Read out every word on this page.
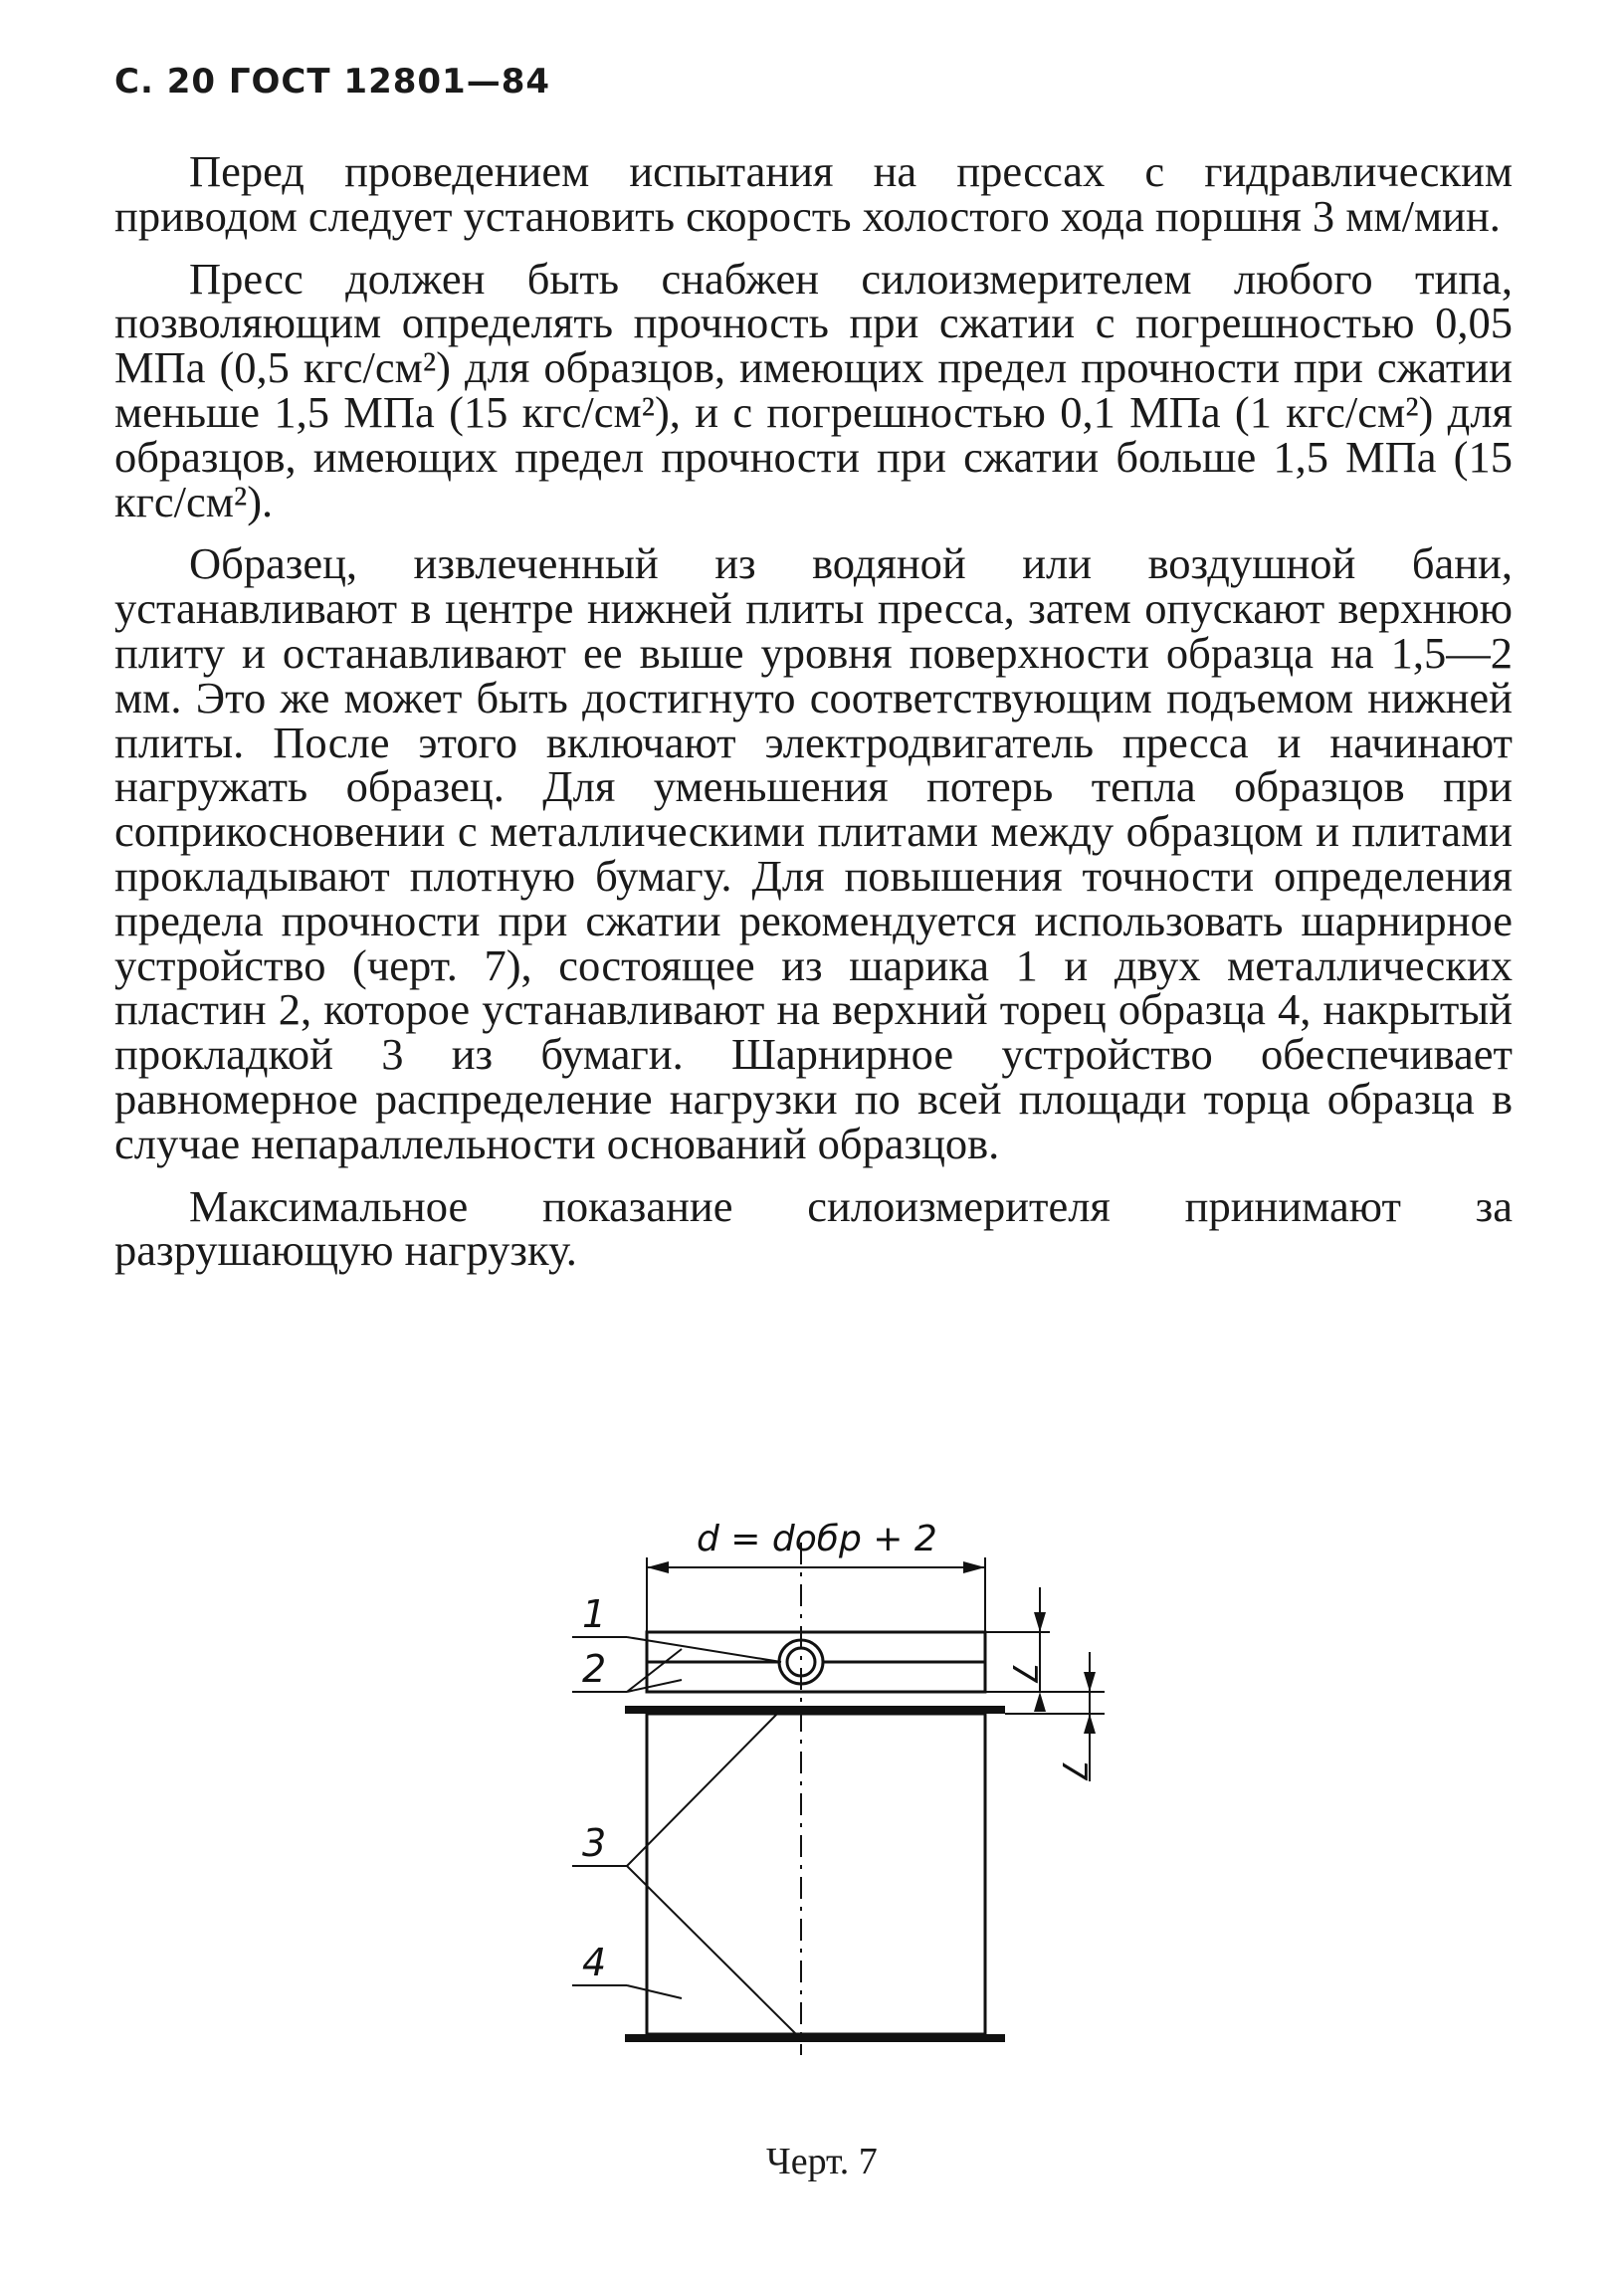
С. 20 ГОСТ 12801—84

Перед проведением испытания на прессах с гидравлическим приводом следует установить скорость холостого хода поршня 3 мм/мин.

Пресс должен быть снабжен силоизмерителем любого типа, позволяющим определять прочность при сжатии с погрешностью 0,05 МПа (0,5 кгс/см²) для образцов, имеющих предел прочности при сжатии меньше 1,5 МПа (15 кгс/см²), и с погрешностью 0,1 МПа (1 кгс/см²) для образцов, имеющих предел прочности при сжатии больше 1,5 МПа (15 кгс/см²).

Образец, извлеченный из водяной или воздушной бани, устанавливают в центре нижней плиты пресса, затем опускают верхнюю плиту и останавливают ее выше уровня поверхности образца на 1,5—2 мм. Это же может быть достигнуто соответствующим подъемом нижней плиты. После этого включают электродвигатель пресса и начинают нагружать образец. Для уменьшения потерь тепла образцов при соприкосновении с металлическими плитами между образцом и плитами прокладывают плотную бумагу. Для повышения точности определения предела прочности при сжатии рекомендуется использовать шарнирное устройство (черт. 7), состоящее из шарика 1 и двух металлических пластин 2, которое устанавливают на верхний торец образца 4, накрытый прокладкой 3 из бумаги. Шарнирное устройство обеспечивает равномерное распределение нагрузки по всей площади торца образца в случае непараллельности оснований образцов.

Максимальное показание силоизмерителя принимают за разрушающую нагрузку.

d = dобр + 2
7
7
1
2
3
4
Черт. 7
